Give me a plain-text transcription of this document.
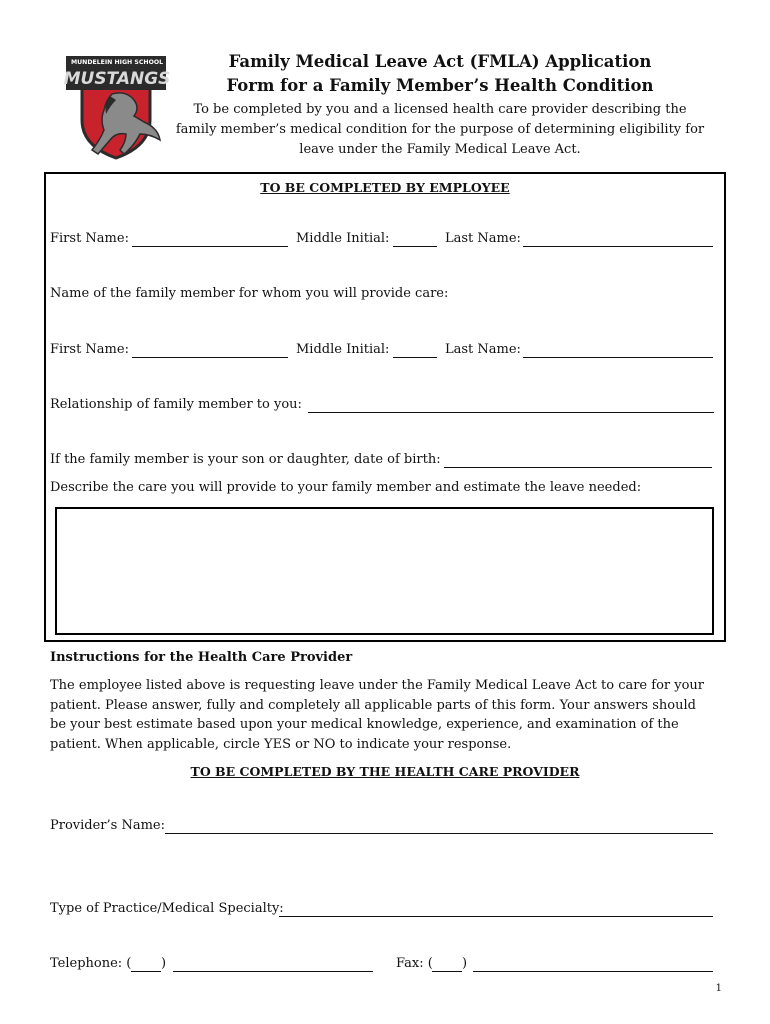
MUNDELEIN HIGH SCHOOL
MUSTANGS
Family Medical Leave Act (FMLA) Application
Form for a Family Member’s Health Condition
To be completed by you and a licensed health care provider describing the family member’s medical condition for the purpose of determining eligibility for leave under the Family Medical Leave Act.
TO BE COMPLETED BY EMPLOYEE
First Name:	Middle Initial:	Last Name:
Name of the family member for whom you will provide care:
First Name:	Middle Initial:	Last Name:
Relationship of family member to you:
If the family member is your son or daughter, date of birth:
Describe the care you will provide to your family member and estimate the leave needed:
Instructions for the Health Care Provider
The employee listed above is requesting leave under the Family Medical Leave Act to care for your patient. Please answer, fully and completely all applicable parts of this form. Your answers should be your best estimate based upon your medical knowledge, experience, and examination of the patient. When applicable, circle YES or NO to indicate your response.
TO BE COMPLETED BY THE HEALTH CARE PROVIDER
Provider’s Name:
Type of Practice/Medical Specialty:
Telephone: ( )	Fax: ( )
1
